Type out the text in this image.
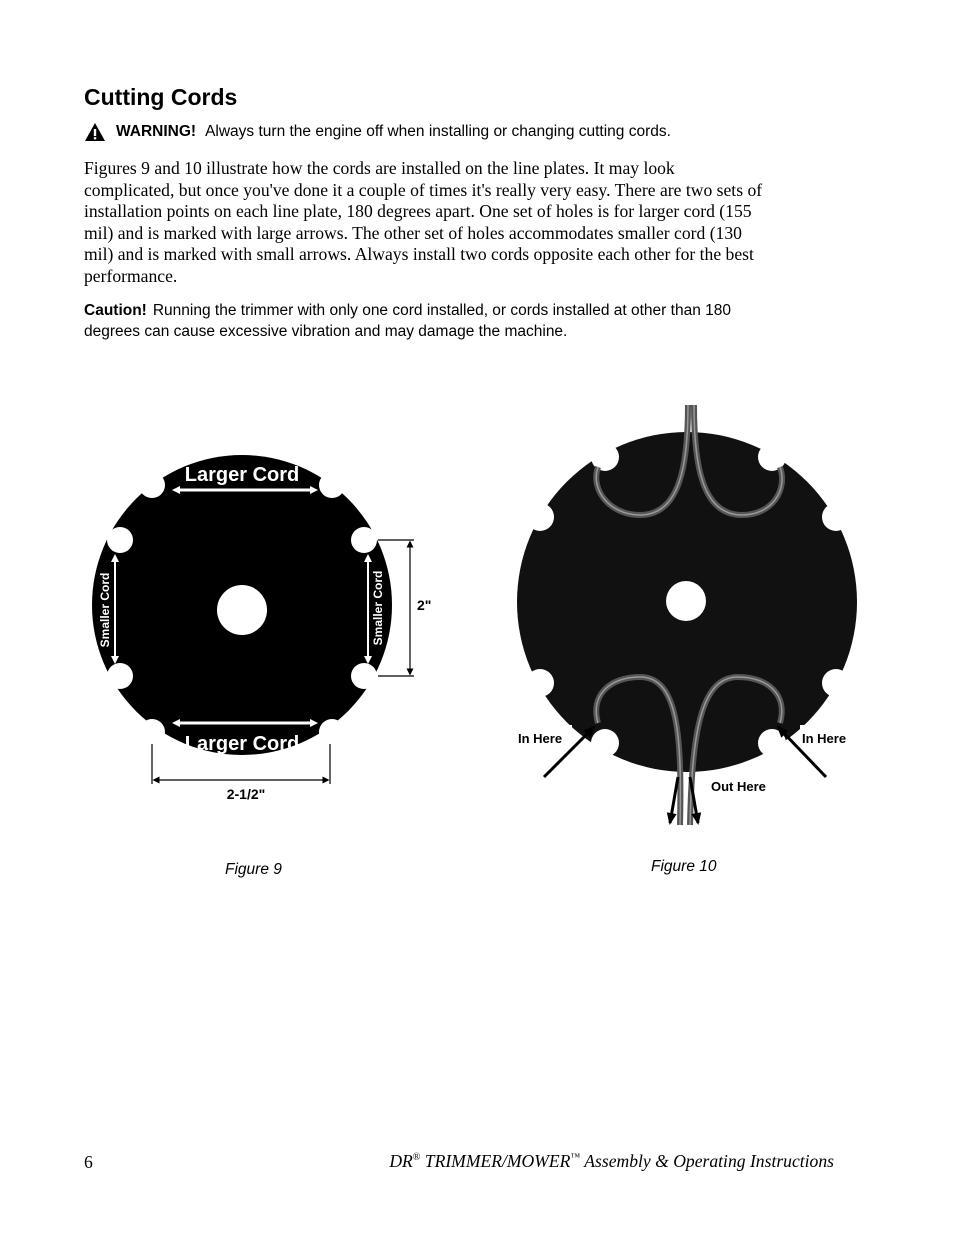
Cutting Cords
WARNING! Always turn the engine off when installing or changing cutting cords.

Figures 9 and 10 illustrate how the cords are installed on the line plates. It may look
complicated, but once you've done it a couple of times it's really very easy. There are two sets of
installation points on each line plate, 180 degrees apart. One set of holes is for larger cord (155
mil) and is marked with large arrows. The other set of holes accommodates smaller cord (130
mil) and is marked with small arrows. Always install two cords opposite each other for the best
performance.

Caution! Running the trimmer with only one cord installed, or cords installed at other than 180
degrees can cause excessive vibration and may damage the machine.

Larger Cord
Larger Cord
Smaller Cord	Smaller Cord 2"
2-1/2"
In Here	In Here
Out Here
Figure 9	Figure 10
6	DR® TRIMMER/MOWER™ Assembly & Operating Instructions
